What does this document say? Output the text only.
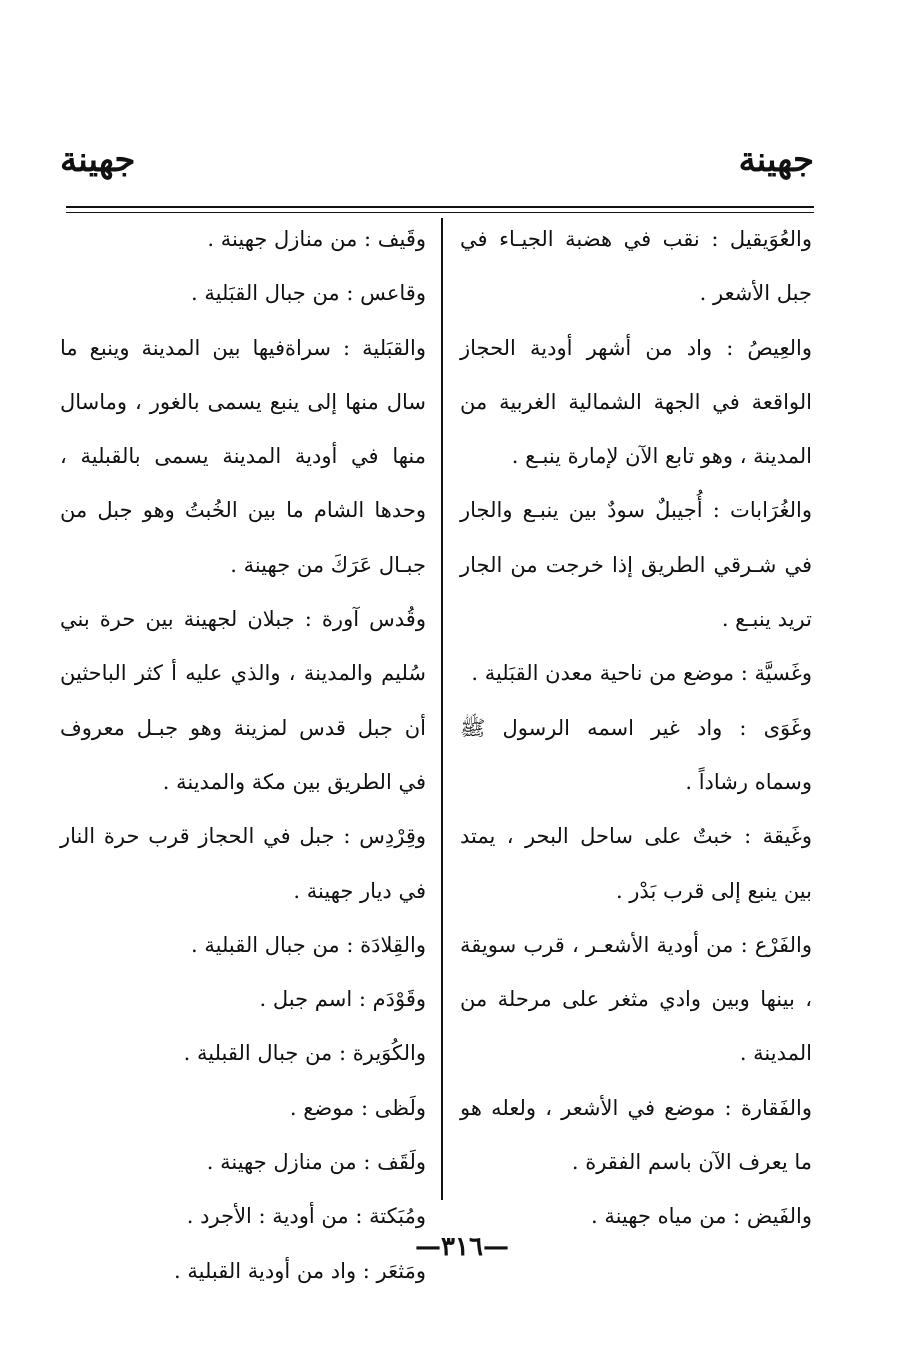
جهينة
جهينة

والعُوَيقيل : نقب في هضبة الجيـاء في جبل الأشعر .

والعِيصُ : واد من أشهر أودية الحجاز الواقعة في الجهة الشمالية الغربية من المدينة ، وهو تابع الآن لإمارة ينبـع .

والغُرَابات : أُجيبلٌ سودٌ بين ينبـع والجار في شـرقي الطريق إذا خرجت من الجار تريد ينبـع .

وغَسيَّة : موضع من ناحية معدن القبَلية .

وغَوَى : واد غير اسمه الرسول ﷺ وسماه رشاداً .

وغَيقة : خبتٌ على ساحل البحر ، يمتد بين ينبع إلى قرب بَدْر .

والفَرْع : من أودية الأشعـر ، قرب سويقة ، بينها وبين وادي مثغر على مرحلة من المدينة .

والفَقارة : موضع في الأشعر ، ولعله هو ما يعرف الآن باسم الفقرة .

والفَيض : من مياه جهينة .

وقَيف : من منازل جهينة .

وقاعس : من جبال القبَلية .

والقبَلية : سراةفيها بين المدينة وينبع ما سال منها إلى ينبع يسمى بالغور ، وماسال منها في أودية المدينة يسمى بالقبلية ، وحدها الشام ما بين الخُبتُ وهو جبل من جبـال عَرَكَ من جهينة .

وقُدس آورة : جبلان لجهينة بين حرة بني سُليم والمدينة ، والذي عليه أ كثر الباحثين أن جبل قدس لمزينة وهو جبـل معروف في الطريق بين مكة والمدينة .

وقِرْدِس : جبل في الحجاز قرب حرة النار في ديار جهينة .

والقِلادَة : من جبال القبلية .

وقَوْدَم : اسم جبل .

والكُوَيرة : من جبال القبلية .

ولَظى : موضع .

ولَقَف : من منازل جهينة .

ومُبَكتة : من أودية : الأجرد .

ومَثعَر : واد من أودية القبلية .

—٣١٦—
